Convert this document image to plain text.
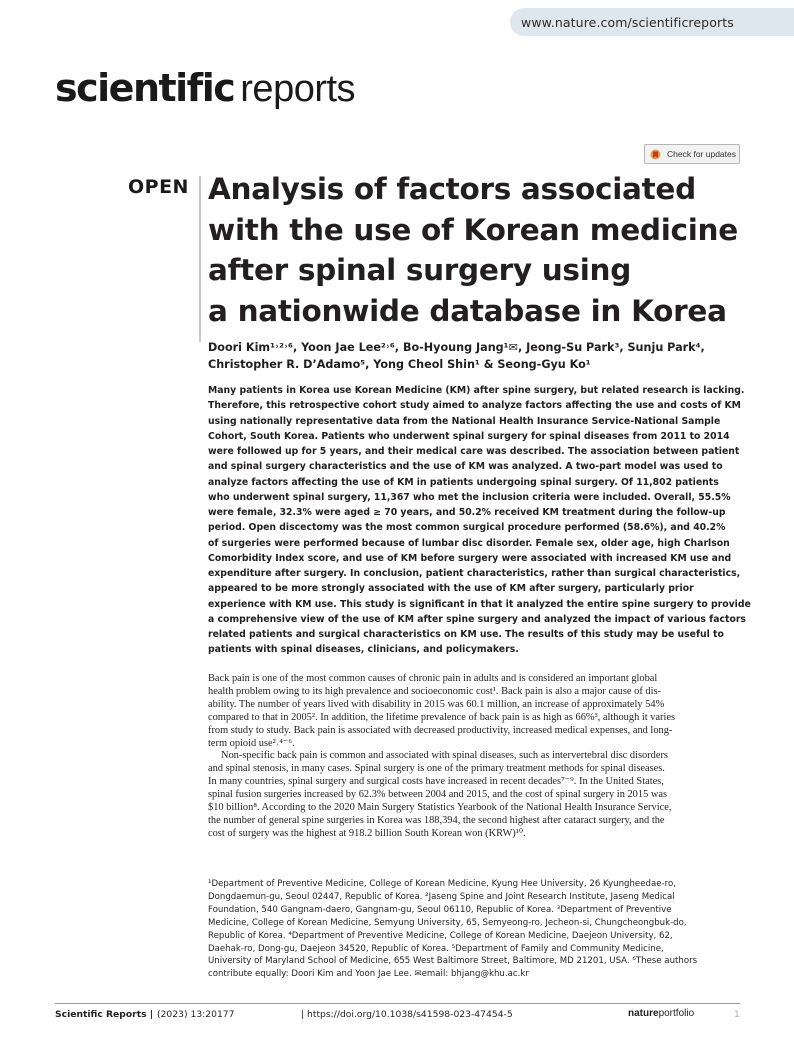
www.nature.com/scientificreports
scientific reports
Check for updates
OPEN Analysis of factors associated
with the use of Korean medicine
after spinal surgery using
a nationwide database in Korea
Doori Kim¹˒²˒⁶, Yoon Jae Lee²˒⁶, Bo-Hyoung Jang¹✉, Jeong-Su Park³, Sunju Park⁴,
Christopher R. D’Adamo⁵, Yong Cheol Shin¹ & Seong-Gyu Ko¹
Many patients in Korea use Korean Medicine (KM) after spine surgery, but related research is lacking.
Therefore, this retrospective cohort study aimed to analyze factors affecting the use and costs of KM
using nationally representative data from the National Health Insurance Service-National Sample
Cohort, South Korea. Patients who underwent spinal surgery for spinal diseases from 2011 to 2014
were followed up for 5 years, and their medical care was described. The association between patient
and spinal surgery characteristics and the use of KM was analyzed. A two-part model was used to
analyze factors affecting the use of KM in patients undergoing spinal surgery. Of 11,802 patients
who underwent spinal surgery, 11,367 who met the inclusion criteria were included. Overall, 55.5%
were female, 32.3% were aged ≥ 70 years, and 50.2% received KM treatment during the follow-up
period. Open discectomy was the most common surgical procedure performed (58.6%), and 40.2%
of surgeries were performed because of lumbar disc disorder. Female sex, older age, high Charlson
Comorbidity Index score, and use of KM before surgery were associated with increased KM use and
expenditure after surgery. In conclusion, patient characteristics, rather than surgical characteristics,
appeared to be more strongly associated with the use of KM after surgery, particularly prior
experience with KM use. This study is significant in that it analyzed the entire spine surgery to provide
a comprehensive view of the use of KM after spine surgery and analyzed the impact of various factors
related patients and surgical characteristics on KM use. The results of this study may be useful to
patients with spinal diseases, clinicians, and policymakers.
Back pain is one of the most common causes of chronic pain in adults and is considered an important global
health problem owing to its high prevalence and socioeconomic cost¹. Back pain is also a major cause of dis-
ability. The number of years lived with disability in 2015 was 60.1 million, an increase of approximately 54%
compared to that in 2005². In addition, the lifetime prevalence of back pain is as high as 66%³, although it varies
from study to study. Back pain is associated with decreased productivity, increased medical expenses, and long-
term opioid use²˒⁴⁻⁶.
Non-specific back pain is common and associated with spinal diseases, such as intervertebral disc disorders
and spinal stenosis, in many cases. Spinal surgery is one of the primary treatment methods for spinal diseases.
In many countries, spinal surgery and surgical costs have increased in recent decades⁷⁻⁹. In the United States,
spinal fusion surgeries increased by 62.3% between 2004 and 2015, and the cost of spinal surgery in 2015 was
$10 billion⁸. According to the 2020 Main Surgery Statistics Yearbook of the National Health Insurance Service,
the number of general spine surgeries in Korea was 188,394, the second highest after cataract surgery, and the
cost of surgery was the highest at 918.2 billion South Korean won (KRW)¹⁰.
¹Department of Preventive Medicine, College of Korean Medicine, Kyung Hee University, 26 Kyungheedae-ro,
Dongdaemun-gu, Seoul 02447, Republic of Korea. ²Jaseng Spine and Joint Research Institute, Jaseng Medical
Foundation, 540 Gangnam-daero, Gangnam-gu, Seoul 06110, Republic of Korea. ³Department of Preventive
Medicine, College of Korean Medicine, Semyung University, 65, Semyeong-ro, Jecheon-si, Chungcheongbuk-do,
Republic of Korea. ⁴Department of Preventive Medicine, College of Korean Medicine, Daejeon University, 62,
Daehak-ro, Dong-gu, Daejeon 34520, Republic of Korea. ⁵Department of Family and Community Medicine,
University of Maryland School of Medicine, 655 West Baltimore Street, Baltimore, MD 21201, USA. ⁶These authors
contribute equally: Doori Kim and Yoon Jae Lee. ✉email: bhjang@khu.ac.kr
Scientific Reports | (2023) 13:20177	| https://doi.org/10.1038/s41598-023-47454-5	natureportfolio	1
